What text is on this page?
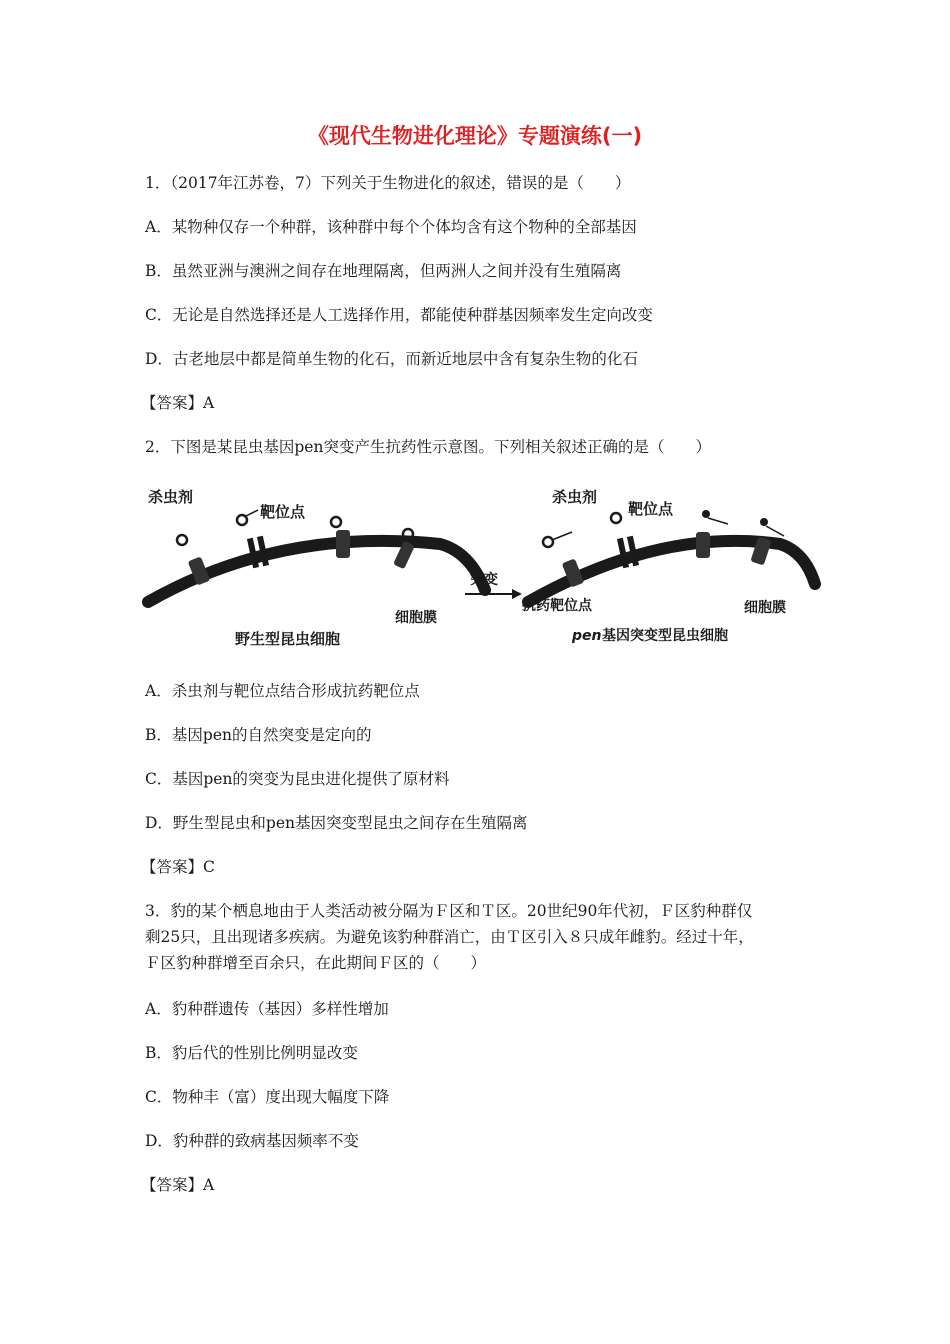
《现代生物进化理论》专题演练(一)
1．（2017年江苏卷，7）下列关于生物进化的叙述，错误的是（　　）
A．某物种仅存一个种群，该种群中每个个体均含有这个物种的全部基因
B．虽然亚洲与澳洲之间存在地理隔离，但两洲人之间并没有生殖隔离
C．无论是自然选择还是人工选择作用，都能使种群基因频率发生定向改变
D．古老地层中都是简单生物的化石，而新近地层中含有复杂生物的化石
【答案】A
2．下图是某昆虫基因pen突变产生抗药性示意图。下列相关叙述正确的是（　　）
杀虫剂
靶位点
细胞膜
野生型昆虫细胞
突变
杀虫剂
靶位点
抗药靶位点	细胞膜
pen 基因突变型昆虫细胞
A．杀虫剂与靶位点结合形成抗药靶位点
B．基因pen的自然突变是定向的
C．基因pen的突变为昆虫进化提供了原材料
D．野生型昆虫和pen基因突变型昆虫之间存在生殖隔离
【答案】C
3．豹的某个栖息地由于人类活动被分隔为Ｆ区和Ｔ区。20世纪90年代初，Ｆ区豹种群仅
剩25只，且出现诸多疾病。为避免该豹种群消亡，由Ｔ区引入８只成年雌豹。经过十年，
Ｆ区豹种群增至百余只，在此期间Ｆ区的（　　）
A．豹种群遗传（基因）多样性增加
B．豹后代的性别比例明显改变
C．物种丰（富）度出现大幅度下降
D．豹种群的致病基因频率不变
【答案】A
